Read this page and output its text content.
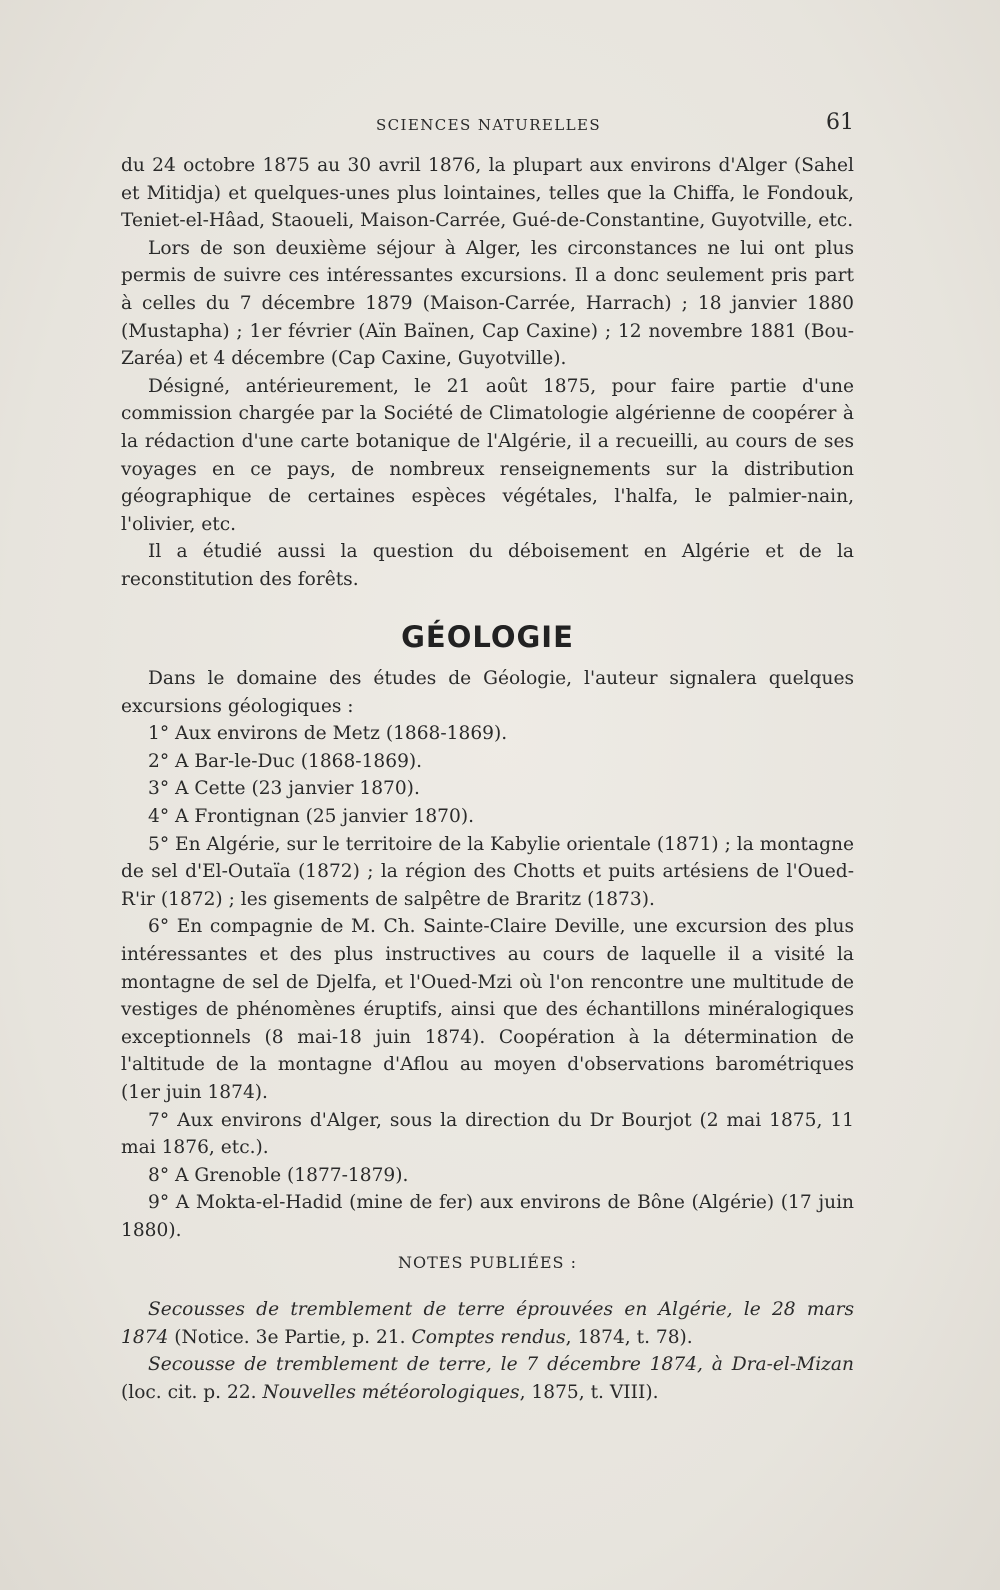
SCIENCES NATURELLES	61

du 24 octobre 1875 au 30 avril 1876, la plupart aux environs d'Alger (Sahel et Mitidja) et quelques-unes plus lointaines, telles que la Chiffa, le Fondouk, Teniet-el-Hâad, Staoueli, Maison-Carrée, Gué-de-Constantine, Guyotville, etc.

Lors de son deuxième séjour à Alger, les circonstances ne lui ont plus permis de suivre ces intéressantes excursions. Il a donc seulement pris part à celles du 7 décembre 1879 (Maison-Carrée, Harrach) ; 18 janvier 1880 (Mustapha) ; 1er février (Aïn Baïnen, Cap Caxine) ; 12 novembre 1881 (Bou-Zaréa) et 4 décembre (Cap Caxine, Guyotville).

Désigné, antérieurement, le 21 août 1875, pour faire partie d'une commission chargée par la Société de Climatologie algérienne de coopérer à la rédaction d'une carte botanique de l'Algérie, il a recueilli, au cours de ses voyages en ce pays, de nombreux renseignements sur la distribution géographique de certaines espèces végétales, l'halfa, le palmier-nain, l'olivier, etc.

Il a étudié aussi la question du déboisement en Algérie et de la reconstitution des forêts.

GÉOLOGIE

Dans le domaine des études de Géologie, l'auteur signalera quelques excursions géologiques :

1° Aux environs de Metz (1868-1869).

2° A Bar-le-Duc (1868-1869).

3° A Cette (23 janvier 1870).

4° A Frontignan (25 janvier 1870).

5° En Algérie, sur le territoire de la Kabylie orientale (1871) ; la montagne de sel d'El-Outaïa (1872) ; la région des Chotts et puits artésiens de l'Oued-R'ir (1872) ; les gisements de salpêtre de Braritz (1873).

6° En compagnie de M. Ch. Sainte-Claire Deville, une excursion des plus intéressantes et des plus instructives au cours de laquelle il a visité la montagne de sel de Djelfa, et l'Oued-Mzi où l'on rencontre une multitude de vestiges de phénomènes éruptifs, ainsi que des échantillons minéralogiques exceptionnels (8 mai-18 juin 1874). Coopération à la détermination de l'altitude de la montagne d'Aflou au moyen d'observations barométriques (1er juin 1874).

7° Aux environs d'Alger, sous la direction du Dr Bourjot (2 mai 1875, 11 mai 1876, etc.).

8° A Grenoble (1877-1879).

9° A Mokta-el-Hadid (mine de fer) aux environs de Bône (Algérie) (17 juin 1880).

NOTES PUBLIÉES :

Secousses de tremblement de terre éprouvées en Algérie, le 28 mars 1874 (Notice. 3e Partie, p. 21. Comptes rendus, 1874, t. 78).

Secousse de tremblement de terre, le 7 décembre 1874, à Dra-el-Mizan (loc. cit. p. 22. Nouvelles météorologiques, 1875, t. VIII).
